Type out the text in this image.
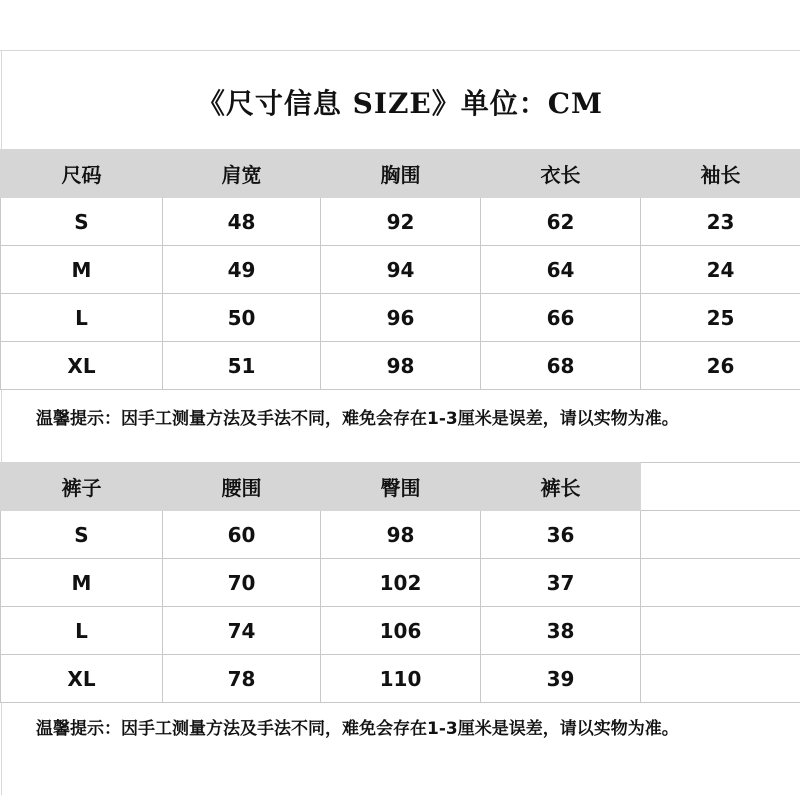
《尺寸信息 SIZE》单位：CM
尺码	肩宽	胸围	衣长	袖长
S	48	92	62	23
M	49	94	64	24
L	50	96	66	25
XL	51	98	68	26
温馨提示：因手工测量方法及手法不同，难免会存在1-3厘米是误差，请以实物为准。
裤子	腰围	臀围	裤长	
S	60	98	36	
M	70	102	37	
L	74	106	38	
XL	78	110	39	
温馨提示：因手工测量方法及手法不同，难免会存在1-3厘米是误差，请以实物为准。
